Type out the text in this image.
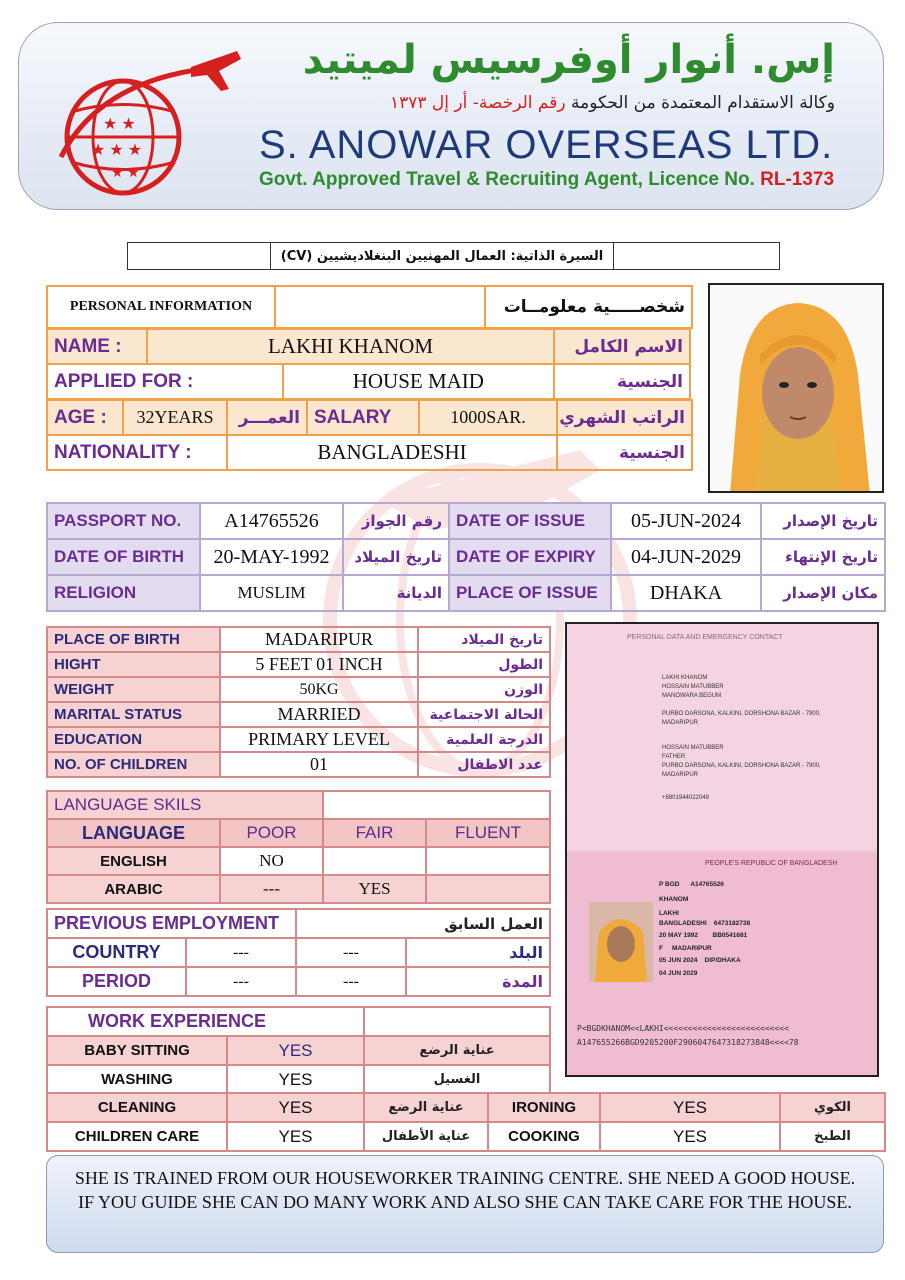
★ ★
★ ★ ★
★ ★
إس. أنوار أوفرسيس لميتيد
وكالة الاستقدام المعتمدة من الحكومة رقم الرخصة- أر إل ١٣٧٣
S. ANOWAR OVERSEAS LTD.
Govt. Approved Travel & Recruiting Agent, Licence No. RL-1373
	السيرة الذاتية: العمال المهنيين البنغلاديشيين (CV)	
PERSONAL INFORMATION		شخصـــــية معلومــات
NAME :	LAKHI KHANOM		الاسم الكامل
APPLIED FOR :		HOUSE MAID	الجنسية
AGE :	32YEARS	العمـــر	SALARY	1000SAR.	الراتب الشهري
NATIONALITY :		BANGLADESHI			الجنسية
PASSPORT NO.	A14765526	رقم الجواز	DATE OF ISSUE	05-JUN-2024	تاريخ الإصدار
DATE OF BIRTH	20-MAY-1992	تاريخ الميلاد	DATE OF EXPIRY	04-JUN-2029	تاريخ الإنتهاء
RELIGION	MUSLIM	الديانة	PLACE OF ISSUE	DHAKA	مكان الإصدار
PLACE OF BIRTH	MADARIPUR	تاريخ الميلاد
HIGHT	5 FEET 01 INCH	الطول
WEIGHT	50KG	الوزن
MARITAL STATUS	MARRIED	الحالة الاجتماعية
EDUCATION	PRIMARY LEVEL	الدرجة العلمية
NO. OF CHILDREN	01	عدد الاطفال
LANGUAGE SKILS			
LANGUAGE	POOR	FAIR	FLUENT
ENGLISH	NO		
ARABIC	---	YES	
PREVIOUS EMPLOYMENT		العمل السابق	
COUNTRY	---	---	البلد
PERIOD	---	---	المدة
WORK EXPERIENCE		
BABY SITTING	YES	عناية الرضع
WASHING	YES	الغسيل
CLEANING	YES	عناية الرضع	IRONING	YES	الكوي
CHILDREN CARE	YES	عناية الأطفال	COOKING	YES	الطبخ
PERSONAL DATA AND EMERGENCY CONTACT
LAKHI KHANOM
HOSSAIN MATUBBER
MANOWARA BEGUM
PURBO DARSONA, KALKINI, DORSHONA BAZAR - 7900, MADARIPUR
HOSSAIN MATUBBER
FATHER
PURBO DARSONA, KALKINI, DORSHONA BAZAR - 7900, MADARIPUR
+8801944022049
PEOPLE'S REPUBLIC OF BANGLADESH
P BGD A14765526
KHANOM
LAKHI
BANGLADESHI 6473182738
20 MAY 1992 BB0541681
F MADARIPUR
05 JUN 2024 DIP/DHAKA
04 JUN 2029
P<BGDKHANOM<<LAKHI<<<<<<<<<<<<<<<<<<<<<<<<<<
A147655266BGD9205200F2906047647318273848<<<<78
SHE IS TRAINED FROM OUR HOUSEWORKER TRAINING CENTRE. SHE NEED A GOOD HOUSE.
IF YOU GUIDE SHE CAN DO MANY WORK AND ALSO SHE CAN TAKE CARE FOR THE HOUSE.
